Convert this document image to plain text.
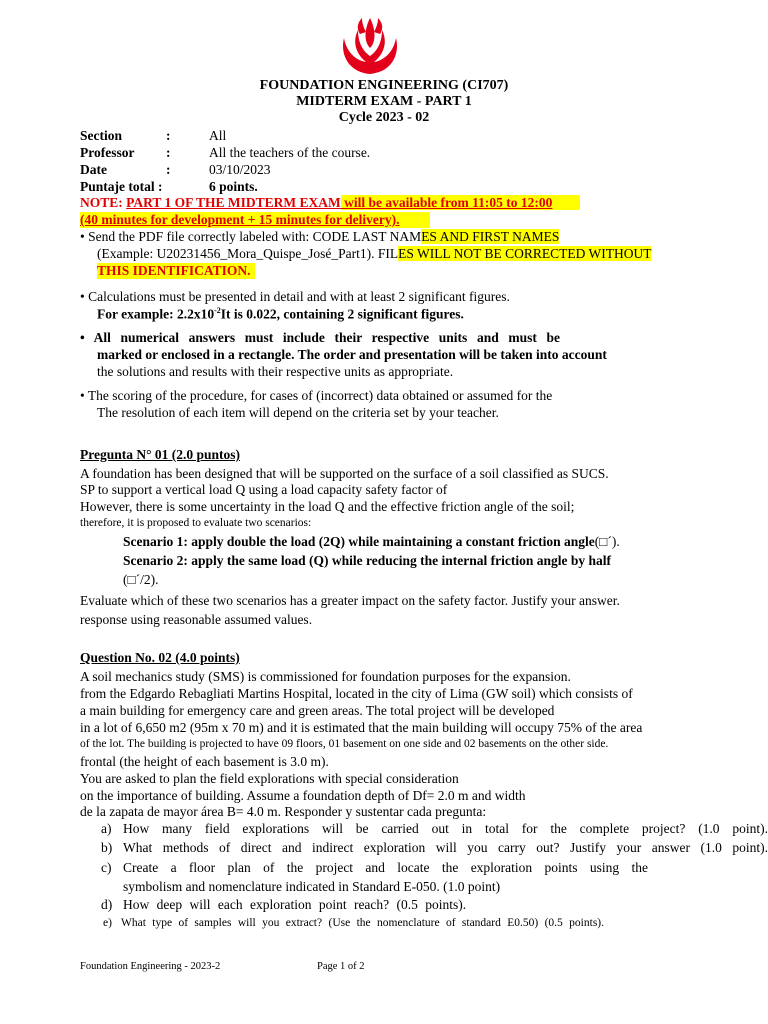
FOUNDATION ENGINEERING (CI707)
MIDTERM EXAM - PART 1
Cycle 2023 - 02
Section	:	All
Professor :	All the teachers of the course.
Date	:	03/10/2023
Puntaje total :	6 points.
NOTE: PART 1 OF THE MIDTERM EXAM will be available from 11:05 to 12:00
(40 minutes for development + 15 minutes for delivery).
• Send the PDF file correctly labeled with: CODE LAST NAMES AND FIRST NAMES
(Example: U20231456_Mora_Quispe_José_Part1). FILES WILL NOT BE CORRECTED WITHOUT
THIS IDENTIFICATION.
• Calculations must be presented in detail and with at least 2 significant figures.
For example: $2.2x10^{-2}It$ is 0.022, containing 2 significant figures.
• All numerical answers must include their respective units and must be
marked or enclosed in a rectangle. The order and presentation will be taken into account
the solutions and results with their respective units as appropriate.
• The scoring of the procedure, for cases of (incorrect) data obtained or assumed for the
The resolution of each item will depend on the criteria set by your teacher.
Pregunta N° 01 (2.0 puntos)
A foundation has been designed that will be supported on the surface of a soil classified as SUCS.
SP to support a vertical load Q using a load capacity safety factor of
However, there is some uncertainty in the load Q and the effective friction angle of the soil;
therefore, it is proposed to evaluate two scenarios:
Scenario 1: apply double the load (2Q) while maintaining a constant friction angle(□´).
Scenario 2: apply the same load (Q) while reducing the internal friction angle by half
(□´/2).
Evaluate which of these two scenarios has a greater impact on the safety factor. Justify your answer.
response using reasonable assumed values.
Question No. 02 (4.0 points)
A soil mechanics study (SMS) is commissioned for foundation purposes for the expansion.
from the Edgardo Rebagliati Martins Hospital, located in the city of Lima (GW soil) which consists of
a main building for emergency care and green areas. The total project will be developed
in a lot of 6,650 m2 (95m x 70 m) and it is estimated that the main building will occupy 75% of the area
of the lot. The building is projected to have 09 floors, 01 basement on one side and 02 basements on the other side.
frontal (the height of each basement is 3.0 m).
You are asked to plan the field explorations with special consideration
on the importance of building. Assume a foundation depth of Df= 2.0 m and width
de la zapata de mayor área B= 4.0 m. Responder y sustentar cada pregunta:
a) How many field explorations will be carried out in total for the complete project? (1.0 point).
b) What methods of direct and indirect exploration will you carry out? Justify your answer (1.0 point).
c) Create a floor plan of the project and locate the exploration points using the
symbolism and nomenclature indicated in Standard E-050. (1.0 point)
d) How deep will each exploration point reach? (0.5 points).
e) What type of samples will you extract? (Use the nomenclature of standard E0.50) (0.5 points).
Foundation Engineering - 2023-2	Page 1 of 2
